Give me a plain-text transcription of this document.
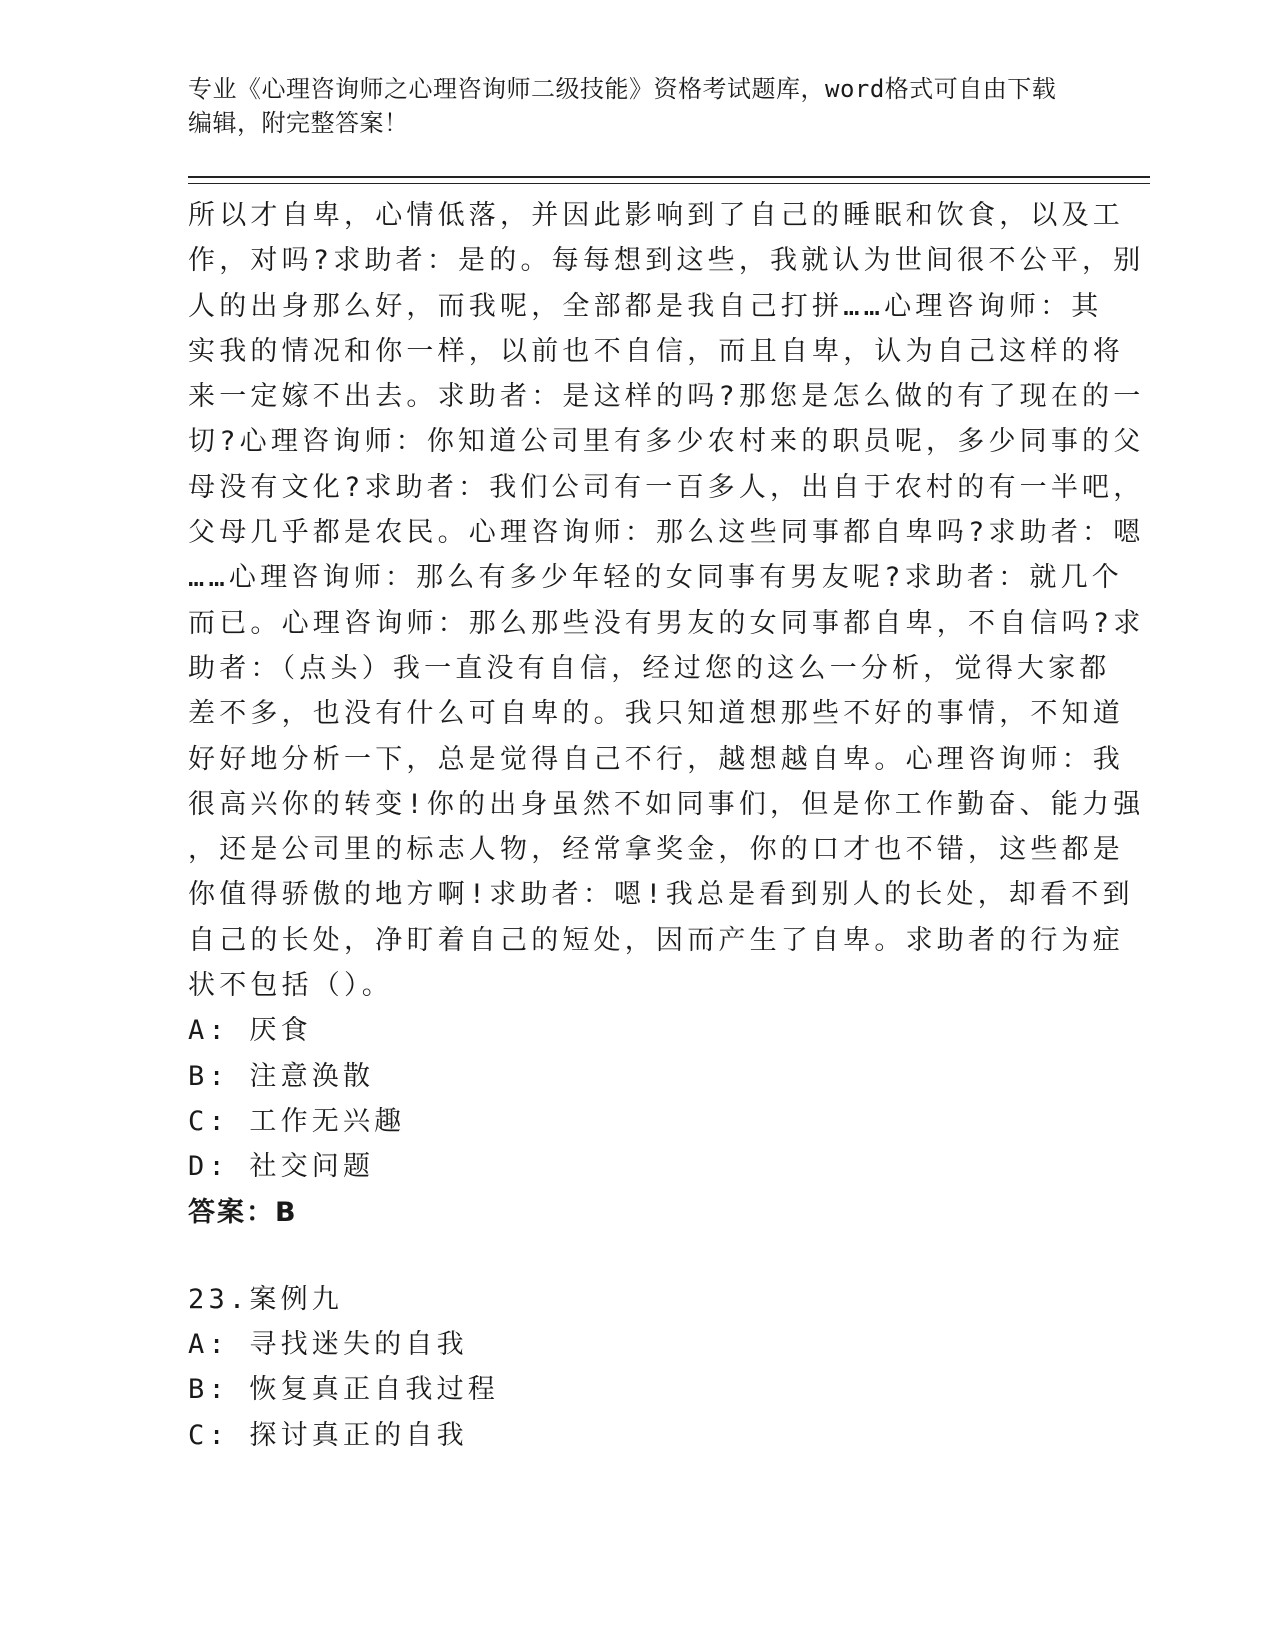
专业《心理咨询师之心理咨询师二级技能》资格考试题库，word格式可自由下载
编辑，附完整答案！
所以才自卑，心情低落，并因此影响到了自己的睡眠和饮食，以及工
作，对吗?求助者：是的。每每想到这些，我就认为世间很不公平，别
人的出身那么好，而我呢，全部都是我自己打拼……心理咨询师：其
实我的情况和你一样，以前也不自信，而且自卑，认为自己这样的将
来一定嫁不出去。求助者：是这样的吗?那您是怎么做的有了现在的一
切?心理咨询师：你知道公司里有多少农村来的职员呢，多少同事的父
母没有文化?求助者：我们公司有一百多人，出自于农村的有一半吧，
父母几乎都是农民。心理咨询师：那么这些同事都自卑吗?求助者：嗯
……心理咨询师：那么有多少年轻的女同事有男友呢?求助者：就几个
而已。心理咨询师：那么那些没有男友的女同事都自卑，不自信吗?求
助者：（点头）我一直没有自信，经过您的这么一分析，觉得大家都
差不多，也没有什么可自卑的。我只知道想那些不好的事情，不知道
好好地分析一下，总是觉得自己不行，越想越自卑。心理咨询师：我
很高兴你的转变!你的出身虽然不如同事们，但是你工作勤奋、能力强
，还是公司里的标志人物，经常拿奖金，你的口才也不错，这些都是
你值得骄傲的地方啊!求助者：嗯!我总是看到别人的长处，却看不到
自己的长处，净盯着自己的短处，因而产生了自卑。求助者的行为症
状不包括（）。
A: 厌食
B: 注意涣散
C: 工作无兴趣
D: 社交问题
答案：B
23.案例九
A: 寻找迷失的自我
B: 恢复真正自我过程
C: 探讨真正的自我
